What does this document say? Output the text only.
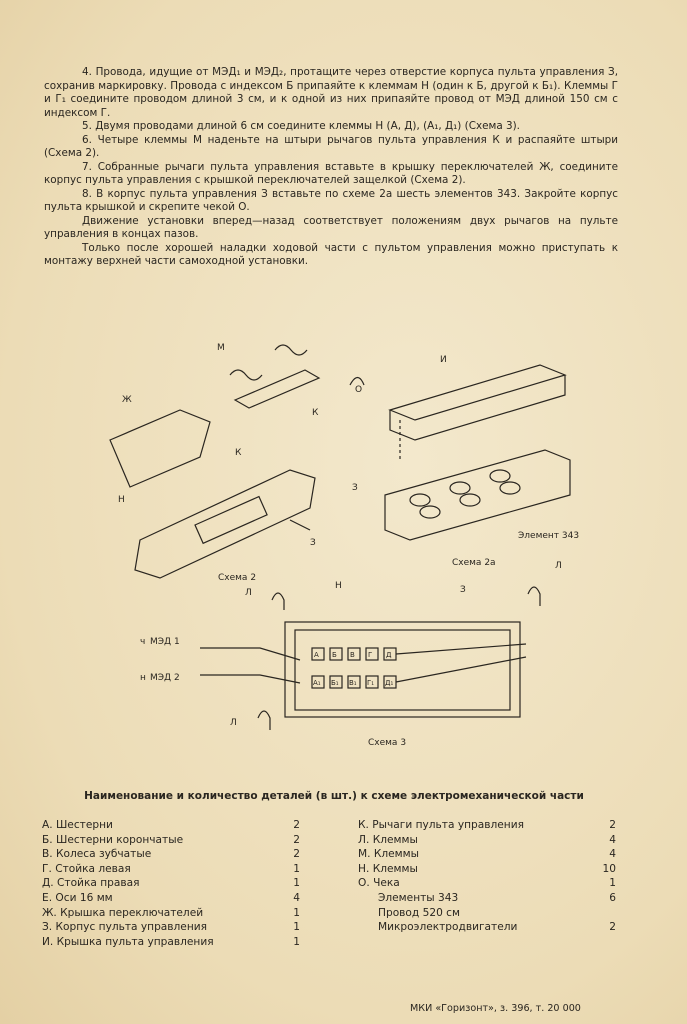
4. Провода, идущие от МЭД₁ и МЭД₂, протащите через отверстие корпуса пульта управления З, сохранив маркировку. Провода с индексом Б припаяйте к клеммам Н (один к Б, другой к Б₁). Клеммы Г и Г₁ соедините проводом длиной 3 см, и к одной из них припаяйте провод от МЭД длиной 150 см с индексом Г.

5. Двумя проводами длиной 6 см соедините клеммы Н (А, Д), (А₁, Д₁) (Схема 3).

6. Четыре клеммы М наденьте на штыри рычагов пульта управления К и распаяйте штыри (Схема 2).

7. Собранные рычаги пульта управления вставьте в крышку переключателей Ж, соедините корпус пульта управления с крышкой переключателей защелкой (Схема 2).

8. В корпус пульта управления З вставьте по схеме 2а шесть элементов 343. Закройте корпус пульта крышкой и скрепите чекой О.

Движение установки вперед—назад соответствует положениям двух рычагов на пульте управления в концах пазов.

Только после хорошей наладки ходовой части с пультом управления можно приступать к монтажу верхней части самоходной установки.

М
К
Ж
К
Н
З
Схема 2
О
И
З
Элемент 343
Схема 2а
Л
Н	З
Л
Л
ч МЭД 1
н МЭД 2
Схема 3
А Б В Г Д
А₁ Б₁ В₁ Г₁ Д₁
Наименование и количество деталей (в шт.) к схеме электромеханической части
А. Шестерни	2
Б. Шестерни корончатые	2
В. Колеса зубчатые	2
Г. Стойка левая	1
Д. Стойка правая	1
Е. Оси 16 мм	4
Ж. Крышка переключателей	1
З. Корпус пульта управления	1
И. Крышка пульта управления	1
К. Рычаги пульта управления	2
Л. Клеммы	4
М. Клеммы	4
Н. Клеммы	10
О. Чека	1
Элементы 343	6
Провод 520 см
Микроэлектродвигатели	2
МКИ «Горизонт», з. 396, т. 20 000
